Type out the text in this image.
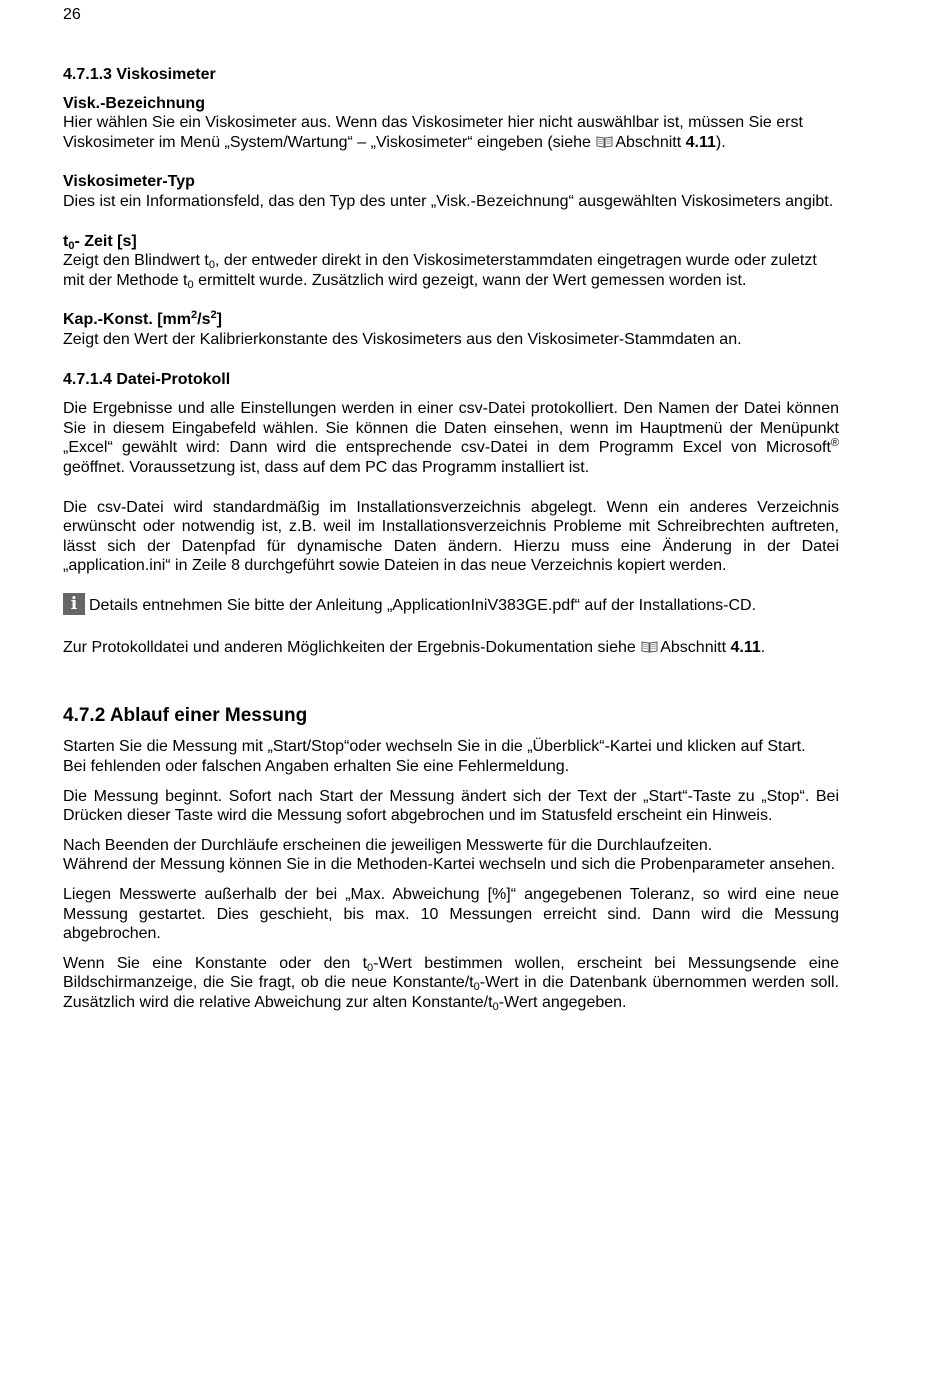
26
4.7.1.3 Viskosimeter

Visk.-Bezeichnung

Hier wählen Sie ein Viskosimeter aus. Wenn das Viskosimeter hier nicht auswählbar ist, müssen Sie erst Viskosimeter im Menü „System/Wartung“ – „Viskosimeter“ eingeben (siehe Abschnitt 4.11).

Viskosimeter-Typ

Dies ist ein Informationsfeld, das den Typ des unter „Visk.-Bezeichnung“ ausgewählten Viskosimeters angibt.

$t_0-$ Zeit [s]

Zeigt den Blindwert $t_0$, der entweder direkt in den Viskosimeterstammdaten eingetragen wurde oder zuletzt mit der Methode $t_0$ ermittelt wurde. Zusätzlich wird gezeigt, wann der Wert gemessen worden ist.

Kap.-Konst. $[mm^2/s^2]$

Zeigt den Wert der Kalibrierkonstante des Viskosimeters aus den Viskosimeter-Stammdaten an.

4.7.1.4 Datei-Protokoll

Die Ergebnisse und alle Einstellungen werden in einer csv-Datei protokolliert. Den Namen der Datei können Sie in diesem Eingabefeld wählen. Sie können die Daten einsehen, wenn im Hauptmenü der Menüpunkt „Excel“ gewählt wird: Dann wird die entsprechende csv-Datei in dem Programm Excel von Microsoft® geöffnet. Voraussetzung ist, dass auf dem PC das Programm installiert ist.

Die csv-Datei wird standardmäßig im Installationsverzeichnis abgelegt. Wenn ein anderes Verzeichnis erwünscht oder notwendig ist, z.B. weil im Installationsverzeichnis Probleme mit Schreibrechten auftreten, lässt sich der Datenpfad für dynamische Daten ändern. Hierzu muss eine Änderung in der Datei „application.ini“ in Zeile 8 durchgeführt sowie Dateien in das neue Verzeichnis kopiert werden.

i Details entnehmen Sie bitte der Anleitung „ApplicationIniV383GE.pdf“ auf der Installations-CD.

Zur Protokolldatei und anderen Möglichkeiten der Ergebnis-Dokumentation siehe Abschnitt 4.11.

4.7.2 Ablauf einer Messung

Starten Sie die Messung mit „Start/Stop“oder wechseln Sie in die „Überblick“-Kartei und klicken auf Start.

Bei fehlenden oder falschen Angaben erhalten Sie eine Fehlermeldung.

Die Messung beginnt. Sofort nach Start der Messung ändert sich der Text der „Start“-Taste zu „Stop“. Bei Drücken dieser Taste wird die Messung sofort abgebrochen und im Statusfeld erscheint ein Hinweis.

Nach Beenden der Durchläufe erscheinen die jeweiligen Messwerte für die Durchlaufzeiten.

Während der Messung können Sie in die Methoden-Kartei wechseln und sich die Probenparameter ansehen.

Liegen Messwerte außerhalb der bei „Max. Abweichung [%]“ angegebenen Toleranz, so wird eine neue Messung gestartet. Dies geschieht, bis max. 10 Messungen erreicht sind. Dann wird die Messung abgebrochen.

Wenn Sie eine Konstante oder den $t_0$-Wert bestimmen wollen, erscheint bei Messungsende eine Bildschirmanzeige, die Sie fragt, ob die neue Konstante/$t_0$-Wert in die Datenbank übernommen werden soll. Zusätzlich wird die relative Abweichung zur alten Konstante/$t_0$-Wert angegeben.
